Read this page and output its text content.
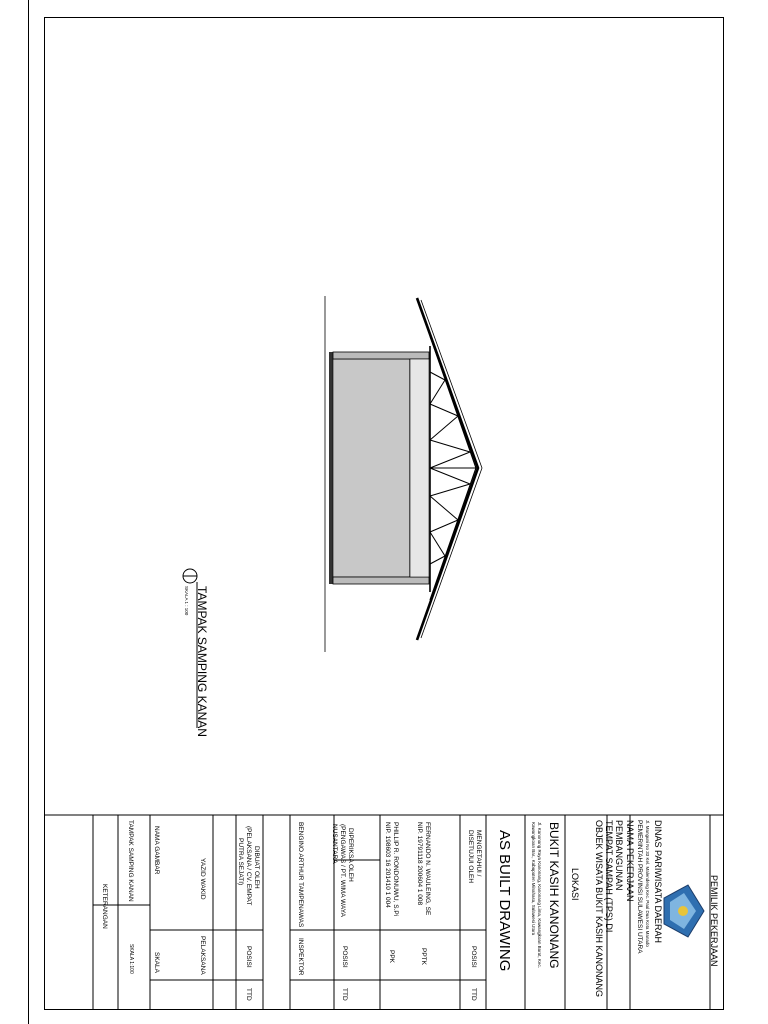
TAMPAK SAMPING KANAN
SKALA 1 : 100
PEMILIK PEKERJAAN
DINAS PARIWISATA DAERAH
Jl. Manguni No 33 Kel. Malendeng Kec. Paal Dua Kota Manado
PEMERINTAH PROVINSI SULAWESI UTARA
NAMA PEKERJAAN
PEMBANGUNAN
TEMPAT SAMPAH (TPS) DI
OBJEK WISATA BUKIT KASIH KANONANG
LOKASI
BUKIT KASIH KANONANG
Jl. Kanonang Raya Kanonang, Kanonang Lima, Kawangkoan Barat, Kec.
Kawangkoan Bar., Kabupaten Minahasa, Sulawesi Utara
AS BUILT DRAWING
MENGETAHUI /
DISETUJUI OLEH
POSISI
TTD
FERNANDO N. WAULEING, SE
NIP. 19791118 200604 1 008
PPTK
PHILLIP R. RONDONUWU, S.Pi
NIP. 198603 16 201410 1 004
PPK
DIPERIKSA OLEH
(PENGAWAS / PT. WIMA WAYA
NUSANTARA
POSISI
TTD
BENGINO ARTHUR TAMPENAWAS
INSPEKTOR
DIBUAT OLEH
(PELAKSANA / CV. EMPAT
PUTRA SEJATI)
POSISI
TTD
YAZID WAKID
PELAKSANA
NAMA GAMBAR
SKALA
TAMPAK SAMPING KANAN
SKALA 1:100
KETERANGAN
